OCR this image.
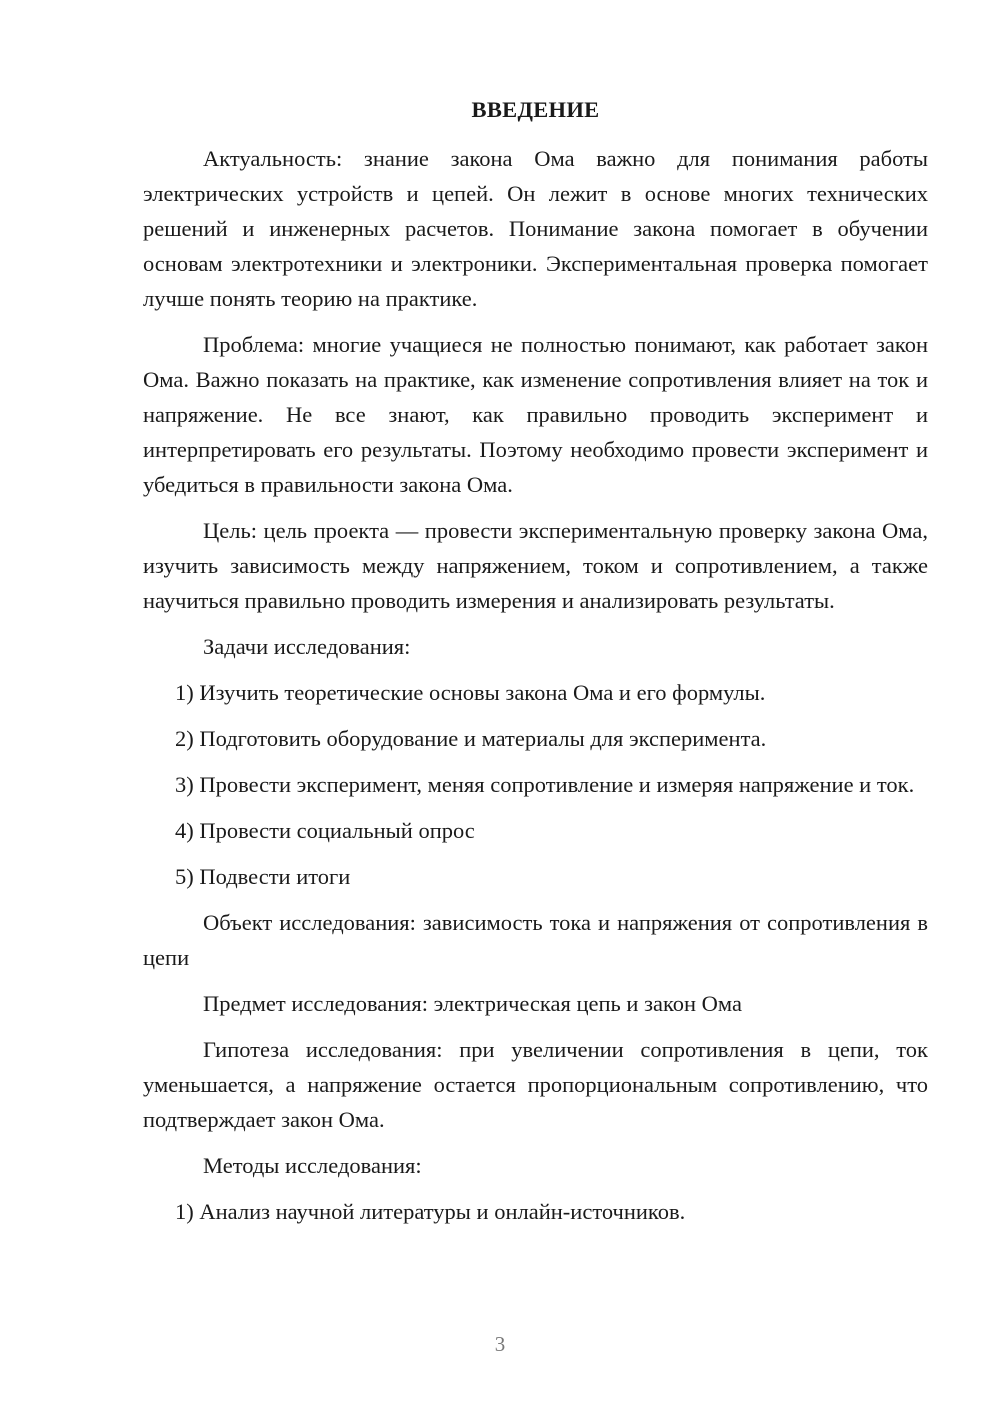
ВВЕДЕНИЕ

Актуальность: знание закона Ома важно для понимания работы электрических устройств и цепей. Он лежит в основе многих технических решений и инженерных расчетов. Понимание закона помогает в обучении основам электротехники и электроники. Экспериментальная проверка помогает лучше понять теорию на практике.

Проблема: многие учащиеся не полностью понимают, как работает закон Ома. Важно показать на практике, как изменение сопротивления влияет на ток и напряжение. Не все знают, как правильно проводить эксперимент и интерпретировать его результаты. Поэтому необходимо провести эксперимент и убедиться в правильности закона Ома.

Цель: цель проекта — провести экспериментальную проверку закона Ома, изучить зависимость между напряжением, током и сопротивлением, а также научиться правильно проводить измерения и анализировать результаты.

Задачи исследования:

1) Изучить теоретические основы закона Ома и его формулы.

2) Подготовить оборудование и материалы для эксперимента.

3) Провести эксперимент, меняя сопротивление и измеряя напряжение и ток.

4) Провести социальный опрос

5) Подвести итоги

Объект исследования: зависимость тока и напряжения от сопротивления в цепи

Предмет исследования: электрическая цепь и закон Ома

Гипотеза исследования: при увеличении сопротивления в цепи, ток уменьшается, а напряжение остается пропорциональным сопротивлению, что подтверждает закон Ома.

Методы исследования:

1) Анализ научной литературы и онлайн-источников.

3
